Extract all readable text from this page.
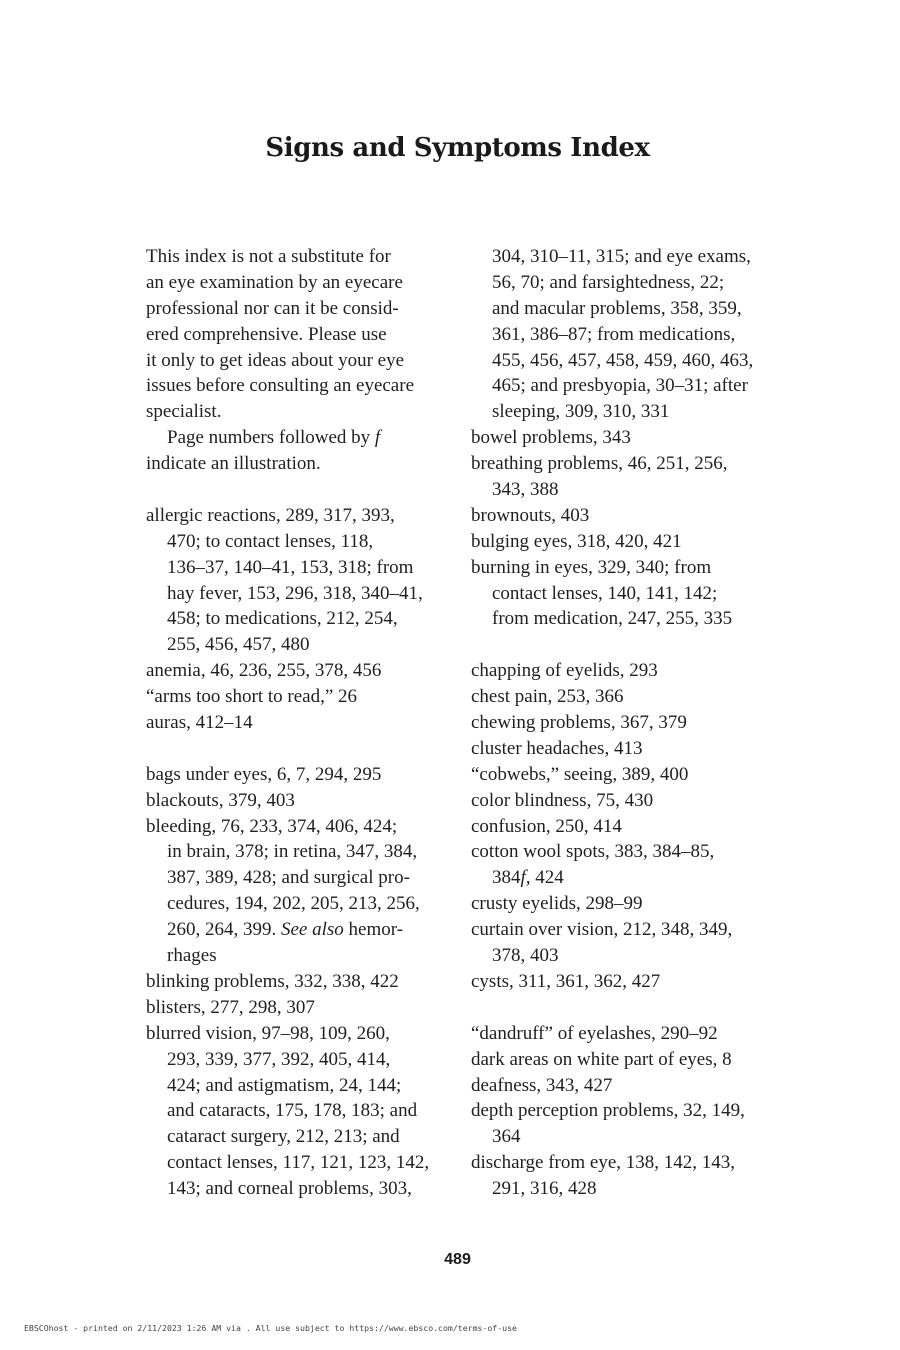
Signs and Symptoms Index
This index is not a substitute for
an eye examination by an eyecare
professional nor can it be consid-
ered comprehensive. Please use
it only to get ideas about your eye
issues before consulting an eyecare
specialist.
Page numbers followed by f
indicate an illustration.
allergic reactions, 289, 317, 393,
470; to contact lenses, 118,
136–37, 140–41, 153, 318; from
hay fever, 153, 296, 318, 340–41,
458; to medications, 212, 254,
255, 456, 457, 480
anemia, 46, 236, 255, 378, 456
“arms too short to read,” 26
auras, 412–14
bags under eyes, 6, 7, 294, 295
blackouts, 379, 403
bleeding, 76, 233, 374, 406, 424;
in brain, 378; in retina, 347, 384,
387, 389, 428; and surgical pro-
cedures, 194, 202, 205, 213, 256,
260, 264, 399. See also hemor-
rhages
blinking problems, 332, 338, 422
blisters, 277, 298, 307
blurred vision, 97–98, 109, 260,
293, 339, 377, 392, 405, 414,
424; and astigmatism, 24, 144;
and cataracts, 175, 178, 183; and
cataract surgery, 212, 213; and
contact lenses, 117, 121, 123, 142,
143; and corneal problems, 303,
304, 310–11, 315; and eye exams,
56, 70; and farsightedness, 22;
and macular problems, 358, 359,
361, 386–87; from medications,
455, 456, 457, 458, 459, 460, 463,
465; and presbyopia, 30–31; after
sleeping, 309, 310, 331
bowel problems, 343
breathing problems, 46, 251, 256,
343, 388
brownouts, 403
bulging eyes, 318, 420, 421
burning in eyes, 329, 340; from
contact lenses, 140, 141, 142;
from medication, 247, 255, 335
chapping of eyelids, 293
chest pain, 253, 366
chewing problems, 367, 379
cluster headaches, 413
“cobwebs,” seeing, 389, 400
color blindness, 75, 430
confusion, 250, 414
cotton wool spots, 383, 384–85,
384f, 424
crusty eyelids, 298–99
curtain over vision, 212, 348, 349,
378, 403
cysts, 311, 361, 362, 427
“dandruff” of eyelashes, 290–92
dark areas on white part of eyes, 8
deafness, 343, 427
depth perception problems, 32, 149,
364
discharge from eye, 138, 142, 143,
291, 316, 428
489
EBSCOhost - printed on 2/11/2023 1:26 AM via . All use subject to https://www.ebsco.com/terms-of-use
